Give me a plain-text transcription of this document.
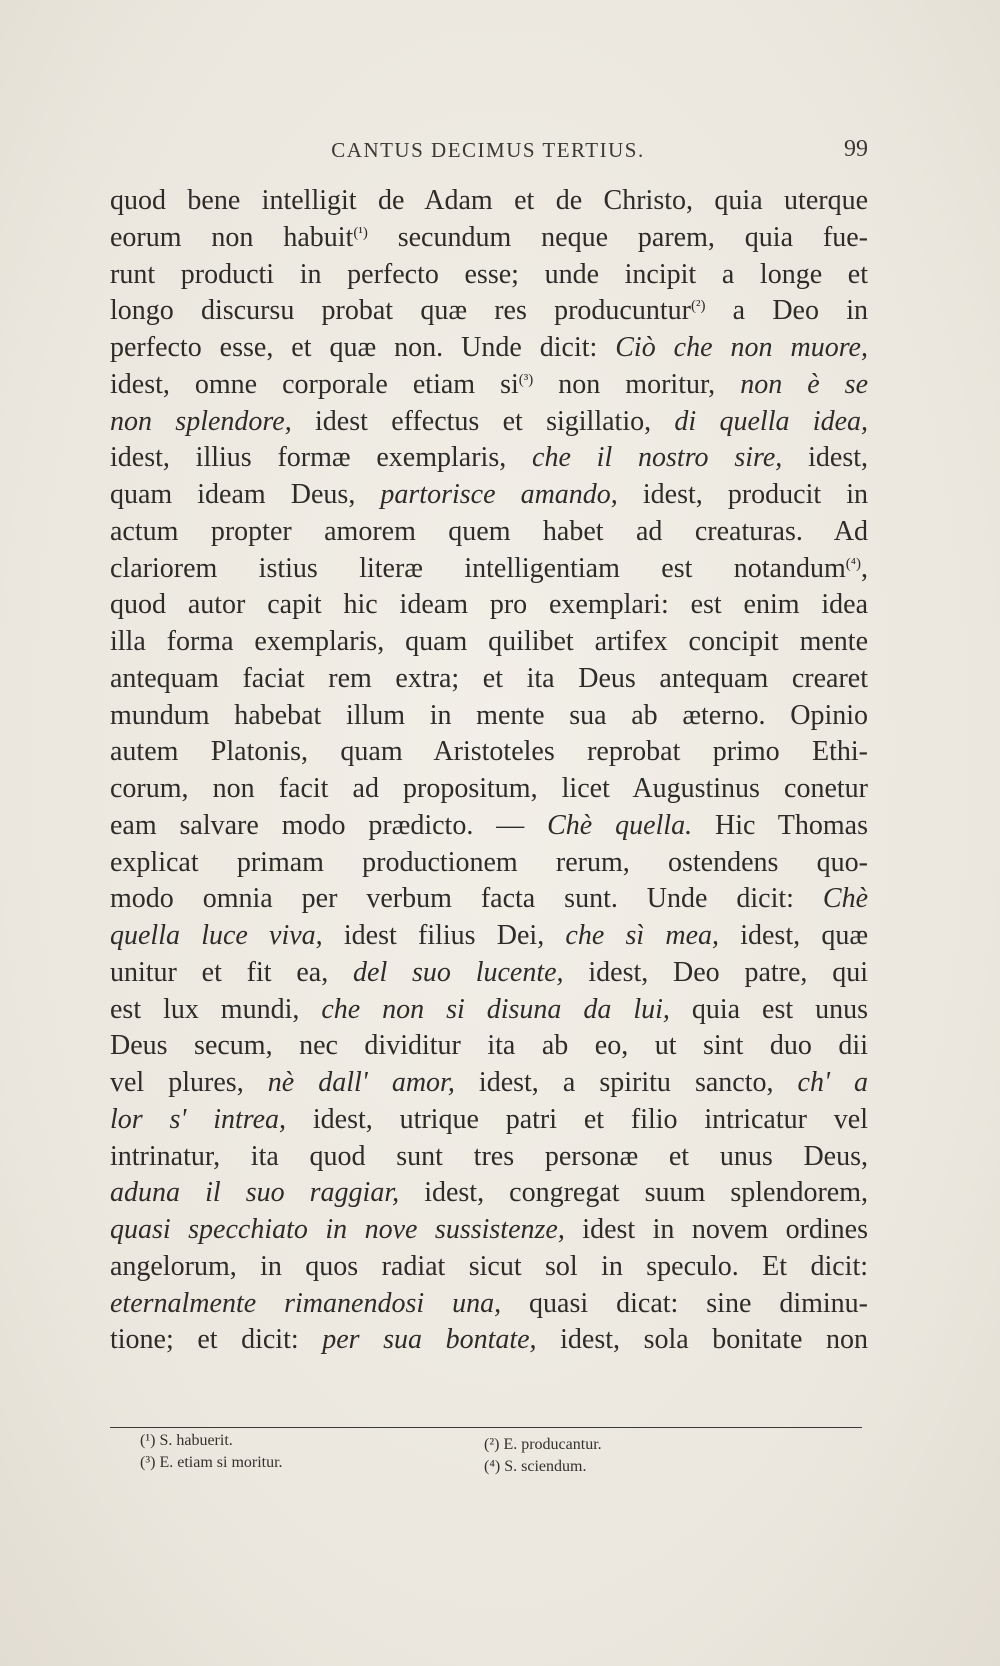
CANTUS DECIMUS TERTIUS.	99
quod bene intelligit de Adam et de Christo, quia uterque
eorum non habuit$^{(^1)}$ secundum neque parem, quia fue-
runt producti in perfecto esse; unde incipit a longe et
longo discursu probat quæ res producuntur$^{(^2)}$ a Deo in
perfecto esse, et quæ non. Unde dicit: Ciò che non muore,
idest, omne corporale etiam si$^{(^3)}$ non moritur, non è se
non splendore, idest effectus et sigillatio, di quella idea,
idest, illius formæ exemplaris, che il nostro sire, idest,
quam ideam Deus, partorisce amando, idest, producit in
actum propter amorem quem habet ad creaturas. Ad
clariorem istius literæ intelligentiam est notandum$^{(^4)}$,
quod autor capit hic ideam pro exemplari: est enim idea
illa forma exemplaris, quam quilibet artifex concipit mente
antequam faciat rem extra; et ita Deus antequam crearet
mundum habebat illum in mente sua ab æterno. Opinio
autem Platonis, quam Aristoteles reprobat primo Ethi-
corum, non facit ad propositum, licet Augustinus conetur
eam salvare modo prædicto. — Chè quella. Hic Thomas
explicat primam productionem rerum, ostendens quo-
modo omnia per verbum facta sunt. Unde dicit: Chè
quella luce viva, idest filius Dei, che sì mea, idest, quæ
unitur et fit ea, del suo lucente, idest, Deo patre, qui
est lux mundi, che non si disuna da lui, quia est unus
Deus secum, nec dividitur ita ab eo, ut sint duo dii
vel plures, nè dall' amor, idest, a spiritu sancto, ch' a
lor s' intrea, idest, utrique patri et filio intricatur vel
intrinatur, ita quod sunt tres personæ et unus Deus,
aduna il suo raggiar, idest, congregat suum splendorem,
quasi specchiato in nove sussistenze, idest in novem ordines
angelorum, in quos radiat sicut sol in speculo. Et dicit:
eternalmente rimanendosi una, quasi dicat: sine diminu-
tione; et dicit: per sua bontate, idest, sola bonitate non
(¹) S. habuerit.	(²) E. producantur.
(³) E. etiam si moritur.	(⁴) S. sciendum.
